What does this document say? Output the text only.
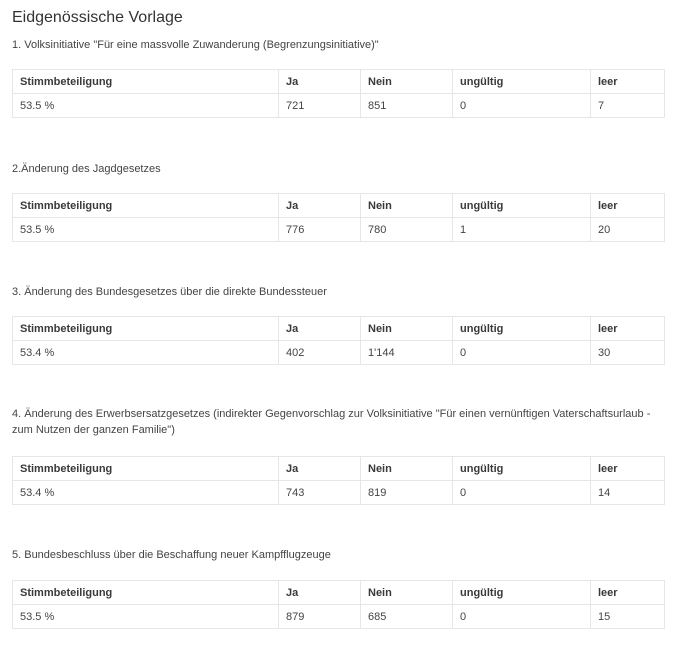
Eidgenössische Vorlage
1. Volksinitiative "Für eine massvolle Zuwanderung (Begrenzungsinitiative)"
Stimmbeteiligung	Ja	Nein	ungültig	leer
53.5 %	721	851	0	7
2.Änderung des Jagdgesetzes
Stimmbeteiligung	Ja	Nein	ungültig	leer
53.5 %	776	780	1	20
3. Änderung des Bundesgesetzes über die direkte Bundessteuer
Stimmbeteiligung	Ja	Nein	ungültig	leer
53.4 %	402	1'144	0	30
4. Änderung des Erwerbsersatzgesetzes (indirekter Gegenvorschlag zur Volksinitiative "Für einen vernünftigen Vaterschaftsurlaub - zum Nutzen der ganzen Familie")
Stimmbeteiligung	Ja	Nein	ungültig	leer
53.4 %	743	819	0	14
5. Bundesbeschluss über die Beschaffung neuer Kampfflugzeuge
Stimmbeteiligung	Ja	Nein	ungültig	leer
53.5 %	879	685	0	15
